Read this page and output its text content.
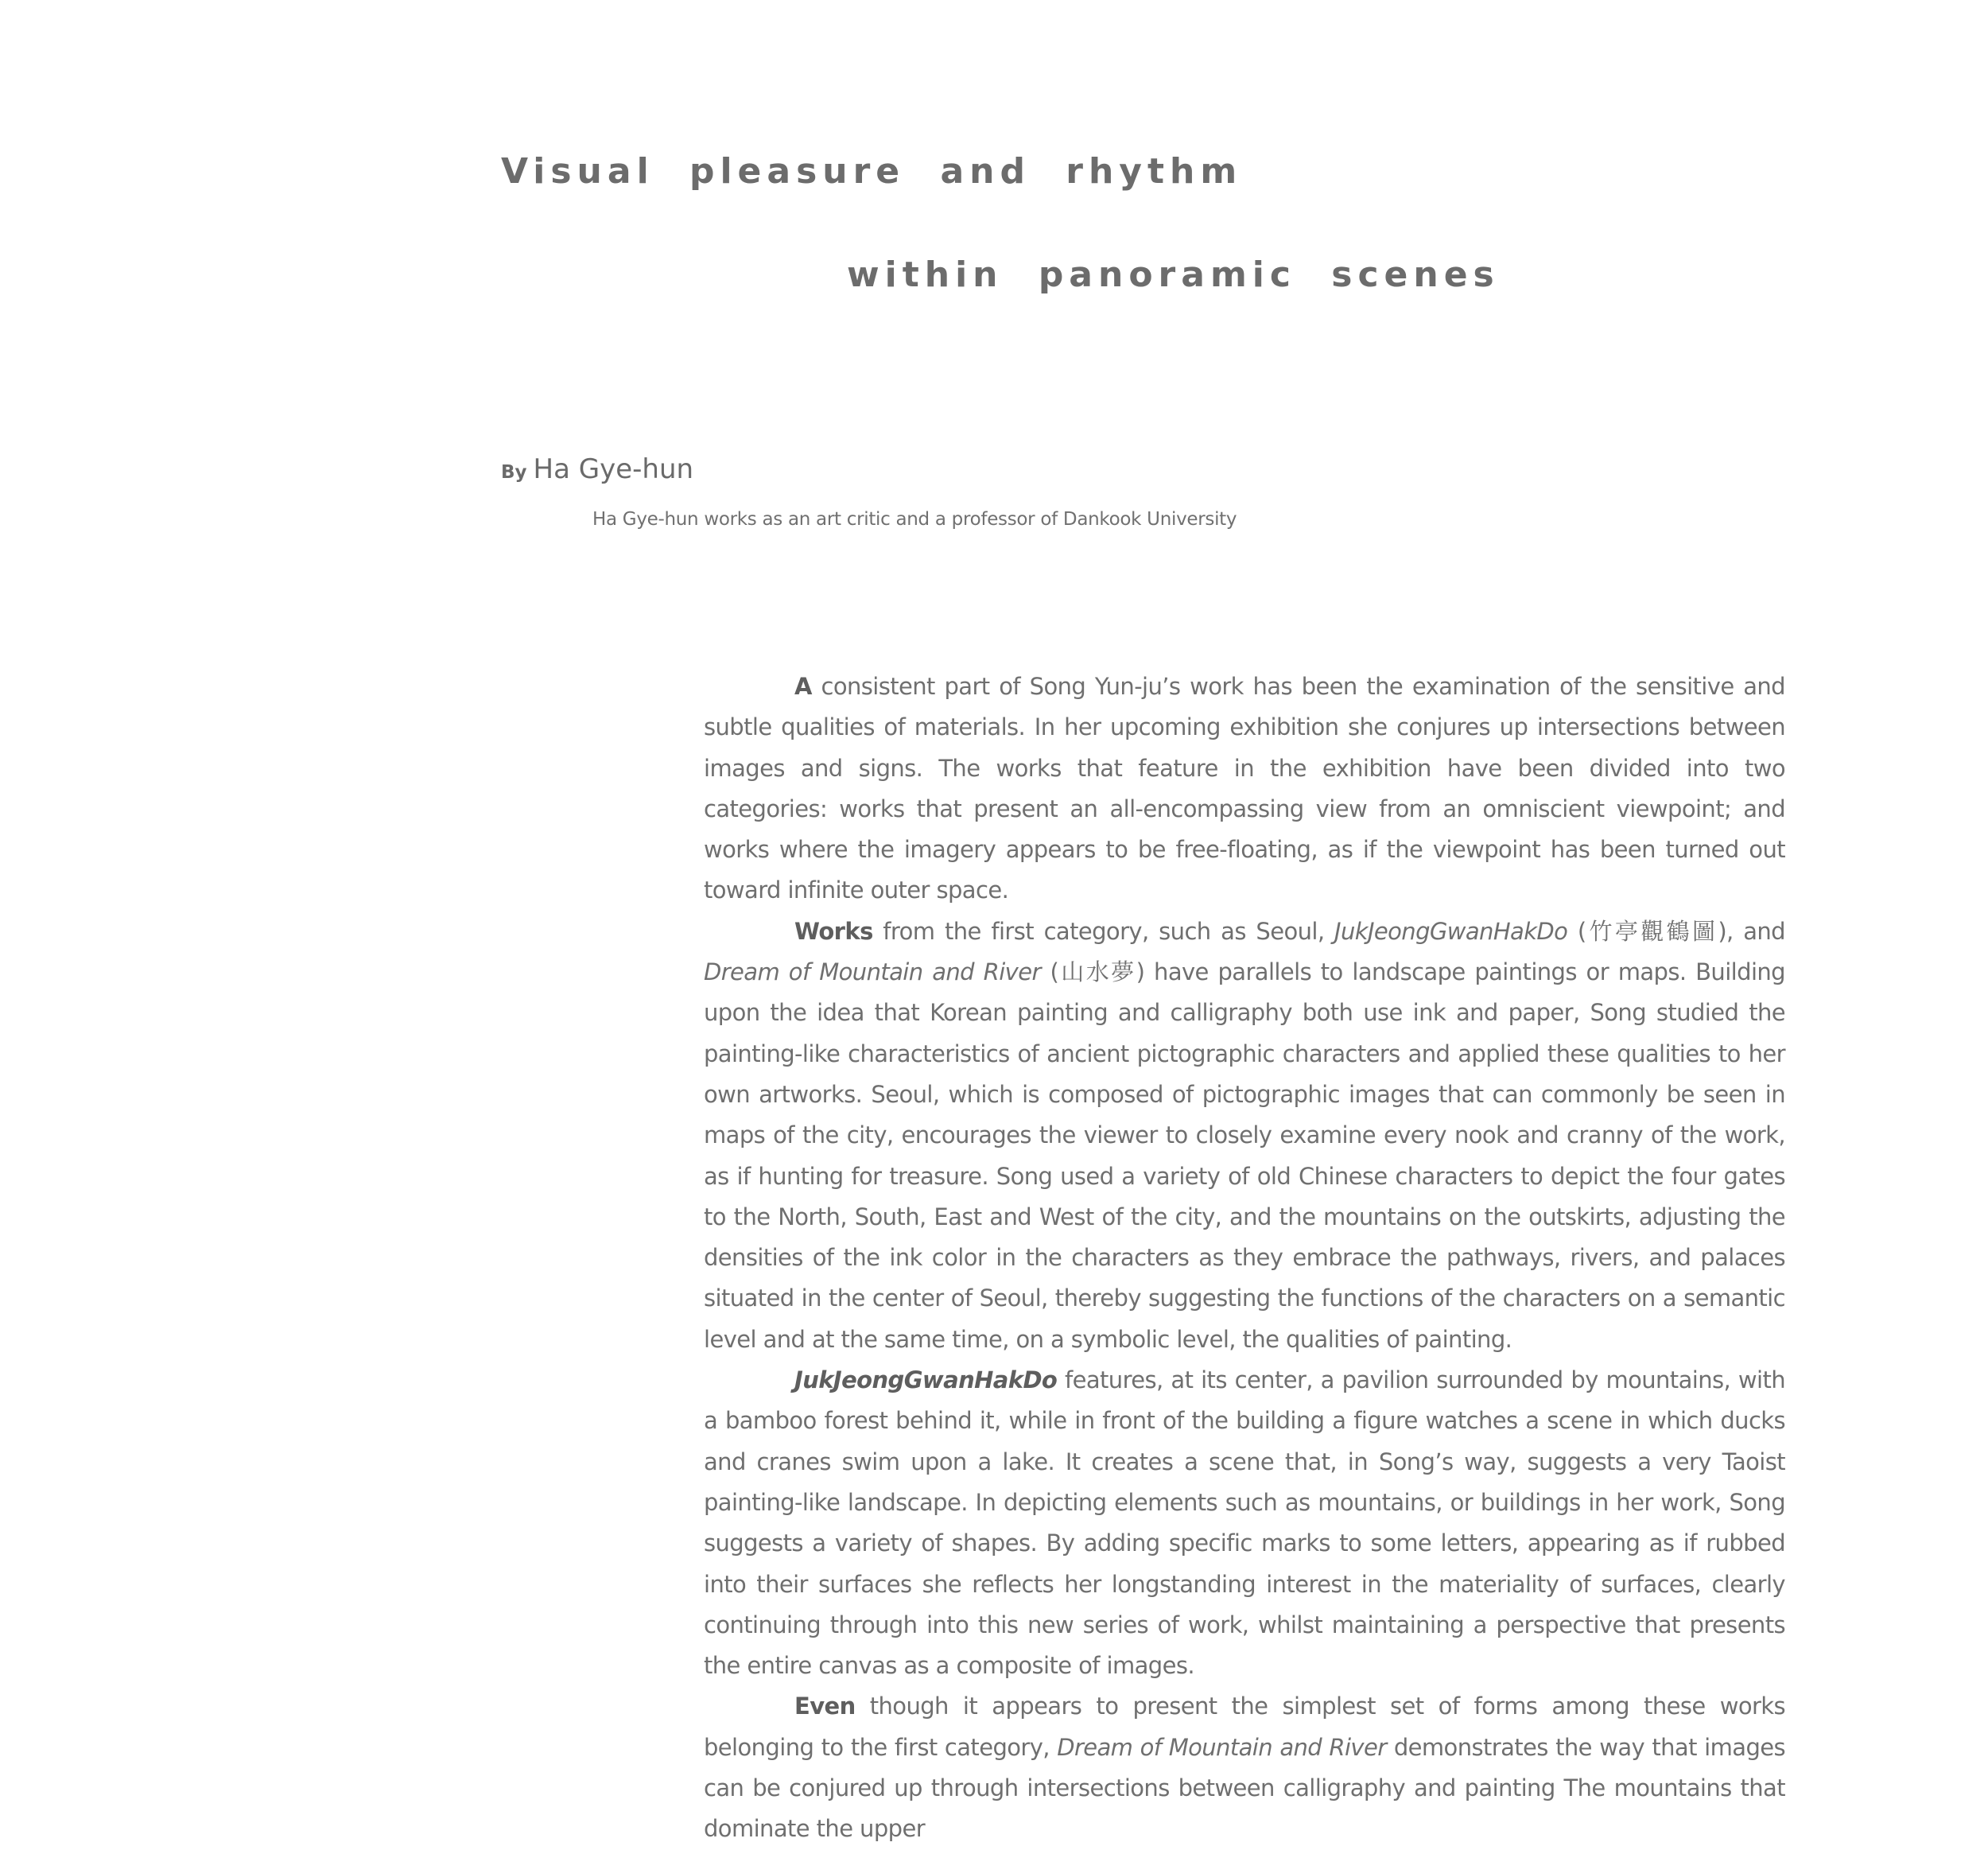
Visual pleasure and rhythm
within panoramic scenes
By Ha Gye-hun
Ha Gye-hun works as an art critic and a professor of Dankook University

A consistent part of Song Yun-ju’s work has been the examination of the sensitive and subtle qualities of materials. In her upcoming exhibition she conjures up intersections between images and signs. The works that feature in the exhibition have been divided into two categories: works that present an all-encompassing view from an omniscient viewpoint; and works where the imagery appears to be free-floating, as if the viewpoint has been turned out toward infinite outer space.

Works from the first category, such as Seoul, JukJeongGwanHakDo (竹亭觀鶴圖), and Dream of Mountain and River (山水夢) have parallels to landscape paintings or maps. Building upon the idea that Korean painting and calligraphy both use ink and paper, Song studied the painting-like characteristics of ancient pictographic characters and applied these qualities to her own artworks. Seoul, which is composed of pictographic images that can commonly be seen in maps of the city, encourages the viewer to closely examine every nook and cranny of the work, as if hunting for treasure. Song used a variety of old Chinese characters to depict the four gates to the North, South, East and West of the city, and the mountains on the outskirts, adjusting the densities of the ink color in the characters as they embrace the pathways, rivers, and palaces situated in the center of Seoul, thereby suggesting the functions of the characters on a semantic level and at the same time, on a symbolic level, the qualities of painting.

JukJeongGwanHakDo features, at its center, a pavilion surrounded by mountains, with a bamboo forest behind it, while in front of the building a figure watches a scene in which ducks and cranes swim upon a lake. It creates a scene that, in Song’s way, suggests a very Taoist painting-like landscape. In depicting elements such as mountains, or buildings in her work, Song suggests a variety of shapes. By adding specific marks to some letters, appearing as if rubbed into their surfaces she reflects her longstanding interest in the materiality of surfaces, clearly continuing through into this new series of work, whilst maintaining a perspective that presents the entire canvas as a composite of images.

Even though it appears to present the simplest set of forms among these works belonging to the first category, Dream of Mountain and River demonstrates the way that images can be conjured up through intersections between calligraphy and painting The mountains that dominate the upper
